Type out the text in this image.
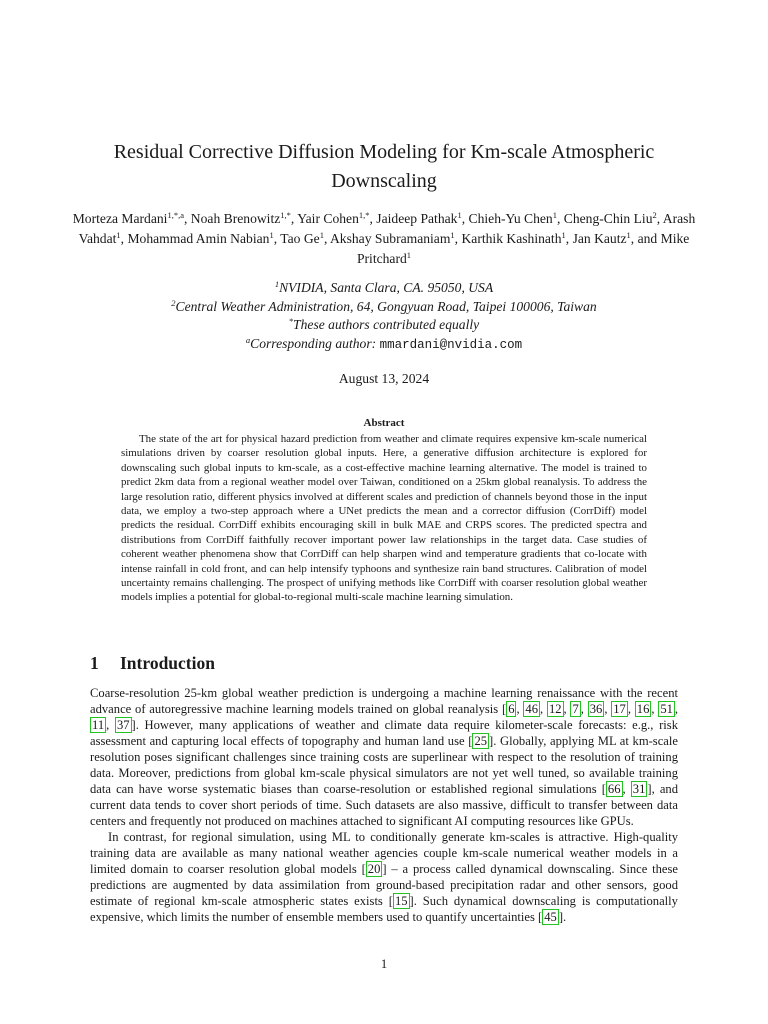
Residual Corrective Diffusion Modeling for Km-scale Atmospheric Downscaling
Morteza Mardani$^{1,*,a}$, Noah Brenowitz$^{1,*}$, Yair Cohen$^{1,*}$, Jaideep Pathak$^1$, Chieh-Yu Chen$^1$, Cheng-Chin Liu$^2$, Arash Vahdat$^1$, Mohammad Amin Nabian$^1$, Tao Ge$^1$, Akshay Subramaniam$^1$, Karthik Kashinath$^1$, Jan Kautz$^1$, and Mike Pritchard$^1$
$^1$NVIDIA, Santa Clara, CA. 95050, USA
$^2$Central Weather Administration, 64, Gongyuan Road, Taipei 100006, Taiwan
*These authors contributed equally
$^a$Corresponding author: mmardani@nvidia.com
August 13, 2024
Abstract
The state of the art for physical hazard prediction from weather and climate requires expensive km-scale numerical simulations driven by coarser resolution global inputs. Here, a generative diffusion architecture is explored for downscaling such global inputs to km-scale, as a cost-effective machine learning alternative. The model is trained to predict 2km data from a regional weather model over Taiwan, conditioned on a 25km global reanalysis. To address the large resolution ratio, different physics involved at different scales and prediction of channels beyond those in the input data, we employ a two-step approach where a UNet predicts the mean and a corrector diffusion (CorrDiff) model predicts the residual. CorrDiff exhibits encouraging skill in bulk MAE and CRPS scores. The predicted spectra and distributions from CorrDiff faithfully recover important power law relationships in the target data. Case studies of coherent weather phenomena show that CorrDiff can help sharpen wind and temperature gradients that co-locate with intense rainfall in cold front, and can help intensify typhoons and synthesize rain band structures. Calibration of model uncertainty remains challenging. The prospect of unifying methods like CorrDiff with coarser resolution global weather models implies a potential for global-to-regional multi-scale machine learning simulation.
1 Introduction

Coarse-resolution 25-km global weather prediction is undergoing a machine learning renaissance with the recent advance of autoregressive machine learning models trained on global reanalysis [ 6 , 46 , 12 , 7 , 36 , 17 , 16 , 51 , 11 , 37 ]. However, many applications of weather and climate data require kilometer-scale forecasts: e.g., risk assessment and capturing local effects of topography and human land use [ 25 ]. Globally, applying ML at km-scale resolution poses significant challenges since training costs are superlinear with respect to the resolution of training data. Moreover, predictions from global km-scale physical simulators are not yet well tuned, so available training data can have worse systematic biases than coarse-resolution or established regional simulations [ 66 , 31 ], and current data tends to cover short periods of time. Such datasets are also massive, difficult to transfer between data centers and frequently not produced on machines attached to significant AI computing resources like GPUs.

In contrast, for regional simulation, using ML to conditionally generate km-scales is attractive. High-quality training data are available as many national weather agencies couple km-scale numerical weather models in a limited domain to coarser resolution global models [ 20 ] – a process called dynamical downscaling. Since these predictions are augmented by data assimilation from ground-based precipitation radar and other sensors, good estimate of regional km-scale atmospheric states exists [ 15 ]. Such dynamical downscaling is computationally expensive, which limits the number of ensemble members used to quantify uncertainties [ 45 ].

1
